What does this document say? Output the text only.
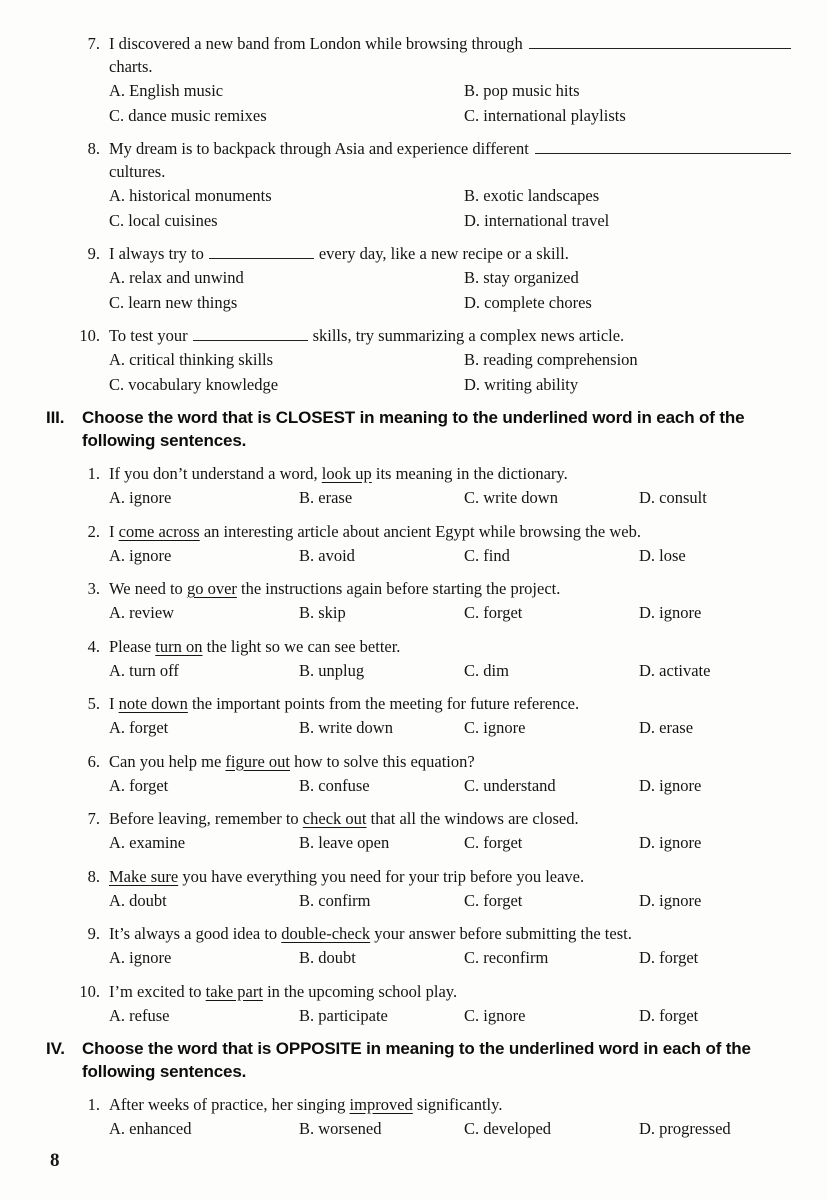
7. I discovered a new band from London while browsing through
charts.
A. English music	B. pop music hits
C. dance music remixes	C. international playlists
8. My dream is to backpack through Asia and experience different
cultures.
A. historical monuments	B. exotic landscapes
C. local cuisines	D. international travel
9. I always try to	every day, like a new recipe or a skill.
A. relax and unwind	B. stay organized
C. learn new things	D. complete chores
10. To test your	skills, try summarizing a complex news article.
A. critical thinking skills	B. reading comprehension
C. vocabulary knowledge	D. writing ability
III.	Choose the word that is CLOSEST in meaning to the underlined word in each of the following sentences.
1. If you don’t understand a word, look up its meaning in the dictionary.
A. ignore	B. erase	C. write down	D. consult
2. I come across an interesting article about ancient Egypt while browsing the web.
A. ignore	B. avoid	C. find	D. lose
3. We need to go over the instructions again before starting the project.
A. review	B. skip	C. forget	D. ignore
4. Please turn on the light so we can see better.
A. turn off	B. unplug	C. dim	D. activate
5. I note down the important points from the meeting for future reference.
A. forget	B. write down	C. ignore	D. erase
6. Can you help me figure out how to solve this equation?
A. forget	B. confuse	C. understand	D. ignore
7. Before leaving, remember to check out that all the windows are closed.
A. examine	B. leave open	C. forget	D. ignore
8. Make sure you have everything you need for your trip before you leave.
A. doubt	B. confirm	C. forget	D. ignore
9. It’s always a good idea to double-check your answer before submitting the test.
A. ignore	B. doubt	C. reconfirm	D. forget
10. I’m excited to take part in the upcoming school play.
A. refuse	B. participate	C. ignore	D. forget
IV.	Choose the word that is OPPOSITE in meaning to the underlined word in each of the following sentences.
1. After weeks of practice, her singing improved significantly.
A. enhanced	B. worsened	C. developed	D. progressed
8
